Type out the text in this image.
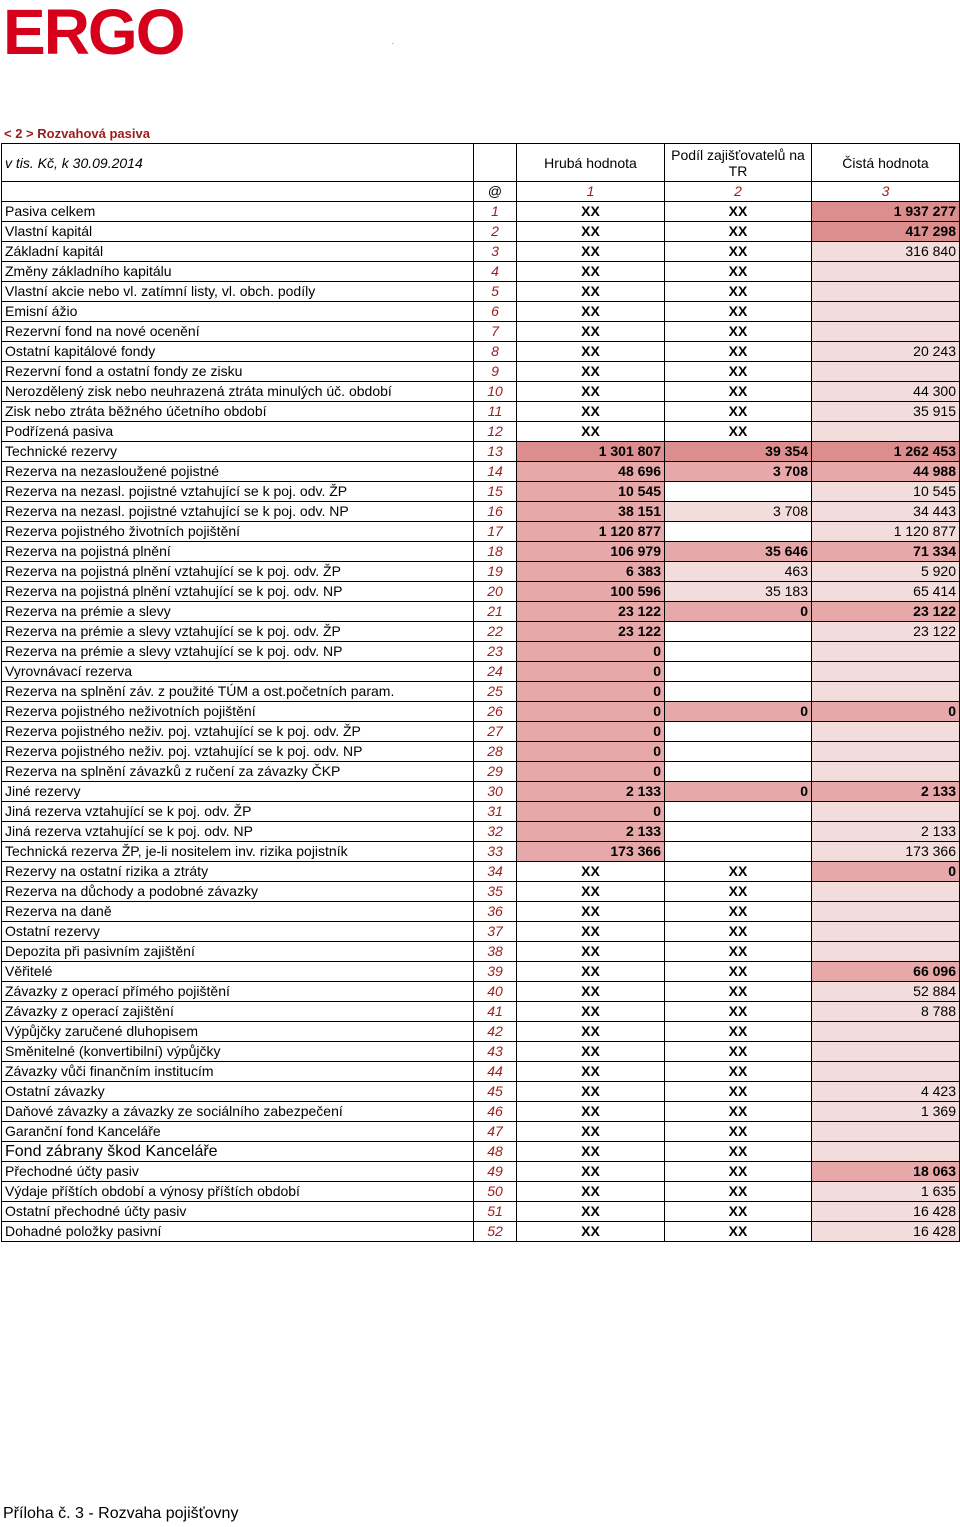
ERGO	.
< 2 > Rozvahová pasiva
v tis. Kč, k 30.09.2014		Hrubá hodnota	Podíl zajišťovatelů na TR	Čistá hodnota
	@	1	2	3
Pasiva celkem	1	XX	XX	1 937 277
Vlastní kapitál	2	XX	XX	417 298
Základní kapitál	3	XX	XX	316 840
Změny základního kapitálu	4	XX	XX	
Vlastní akcie nebo vl. zatímní listy, vl. obch. podíly	5	XX	XX	
Emisní ážio	6	XX	XX	
Rezervní fond na nové ocenění	7	XX	XX	
Ostatní kapitálové fondy	8	XX	XX	20 243
Rezervní fond a ostatní fondy ze zisku	9	XX	XX	
Nerozdělený zisk nebo neuhrazená ztráta minulých úč. období	10	XX	XX	44 300
Zisk nebo ztráta běžného účetního období	11	XX	XX	35 915
Podřízená pasiva	12	XX	XX	
Technické rezervy	13	1 301 807	39 354	1 262 453
Rezerva na nezasloužené pojistné	14	48 696	3 708	44 988
Rezerva na nezasl. pojistné vztahující se k poj. odv. ŽP	15	10 545		10 545
Rezerva na nezasl. pojistné vztahující se k poj. odv. NP	16	38 151	3 708	34 443
Rezerva pojistného životních pojištění	17	1 120 877		1 120 877
Rezerva na pojistná plnění	18	106 979	35 646	71 334
Rezerva na pojistná plnění vztahující se k poj. odv. ŽP	19	6 383	463	5 920
Rezerva na pojistná plnění vztahující se k poj. odv. NP	20	100 596	35 183	65 414
Rezerva na prémie a slevy	21	23 122	0	23 122
Rezerva na prémie a slevy vztahující se k poj. odv. ŽP	22	23 122		23 122
Rezerva na prémie a slevy vztahující se k poj. odv. NP	23	0		
Vyrovnávací rezerva	24	0		
Rezerva na splnění záv. z použité TÚM a ost.početních param.	25	0		
Rezerva pojistného neživotních pojištění	26	0	0	0
Rezerva pojistného neživ. poj. vztahující se k poj. odv. ŽP	27	0		
Rezerva pojistného neživ. poj. vztahující se k poj. odv. NP	28	0		
Rezerva na splnění závazků z ručení za závazky ČKP	29	0		
Jiné rezervy	30	2 133	0	2 133
Jiná rezerva vztahující se k poj. odv. ŽP	31	0		
Jiná rezerva vztahující se k poj. odv. NP	32	2 133		2 133
Technická rezerva ŽP, je-li nositelem inv. rizika pojistník	33	173 366		173 366
Rezervy na ostatní rizika a ztráty	34	XX	XX	0
Rezerva na důchody a podobné závazky	35	XX	XX	
Rezerva na daně	36	XX	XX	
Ostatní rezervy	37	XX	XX	
Depozita při pasivním zajištění	38	XX	XX	
Věřitelé	39	XX	XX	66 096
Závazky z operací přímého pojištění	40	XX	XX	52 884
Závazky z operací zajištění	41	XX	XX	8 788
Výpůjčky zaručené dluhopisem	42	XX	XX	
Směnitelné (konvertibilní) výpůjčky	43	XX	XX	
Závazky vůči finančním institucím	44	XX	XX	
Ostatní závazky	45	XX	XX	4 423
Daňové závazky a závazky ze sociálního zabezpečení	46	XX	XX	1 369
Garanční fond Kanceláře	47	XX	XX	
Fond zábrany škod Kanceláře	48	XX	XX	
Přechodné účty pasiv	49	XX	XX	18 063
Výdaje příštích období a výnosy příštích období	50	XX	XX	1 635
Ostatní přechodné účty pasiv	51	XX	XX	16 428
Dohadné položky pasivní	52	XX	XX	16 428
Příloha č. 3 - Rozvaha pojišťovny
